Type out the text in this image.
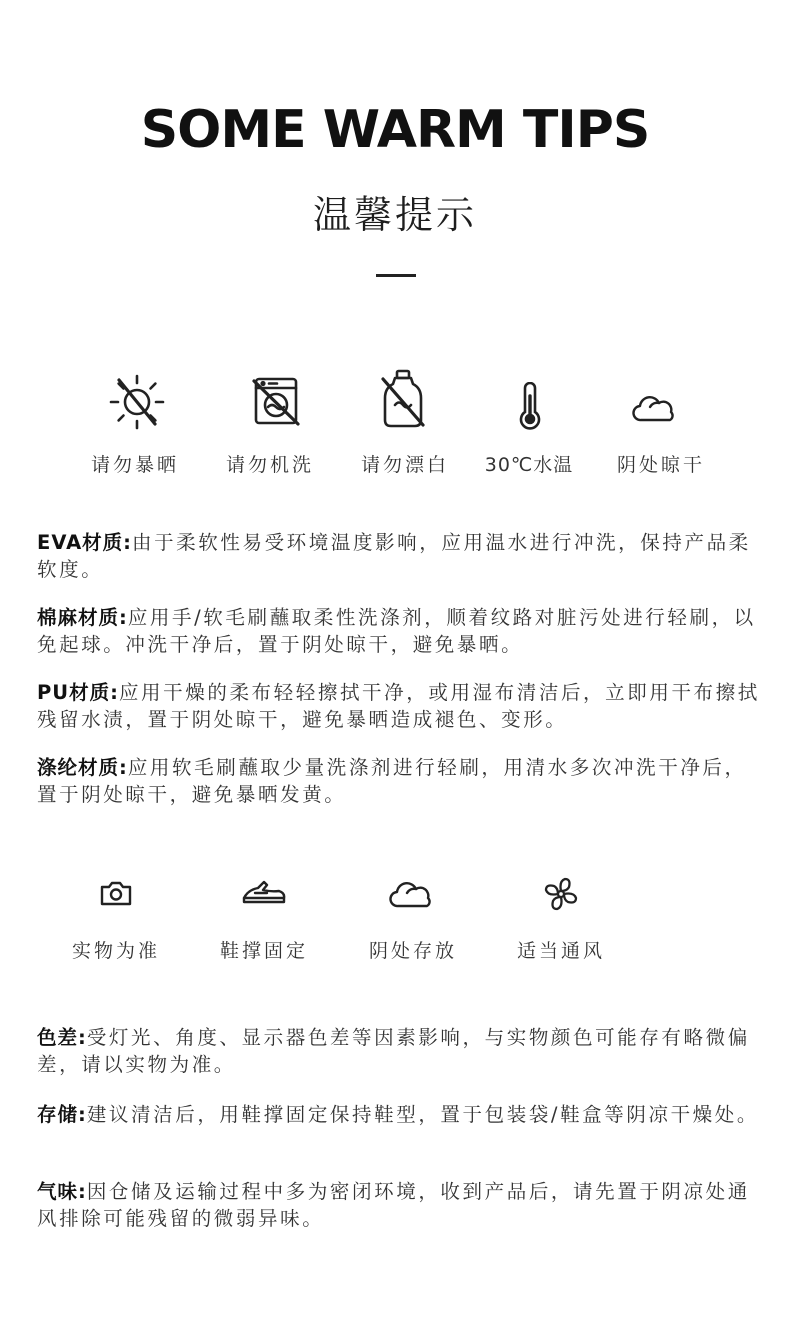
SOME WARM TIPS
温馨提示
请勿暴晒	请勿机洗	请勿漂白	30℃水温	阴处晾干
EVA材质:由于柔软性易受环境温度影响，应用温水进行冲洗，保持产品柔软度。
棉麻材质:应用手/软毛刷蘸取柔性洗涤剂，顺着纹路对脏污处进行轻刷，以免起球。冲洗干净后，置于阴处晾干，避免暴晒。
PU材质:应用干燥的柔布轻轻擦拭干净，或用湿布清洁后，立即用干布擦拭残留水渍，置于阴处晾干，避免暴晒造成褪色、变形。
涤纶材质:应用软毛刷蘸取少量洗涤剂进行轻刷，用清水多次冲洗干净后，置于阴处晾干，避免暴晒发黄。
实物为准	鞋撑固定	阴处存放	适当通风
色差:受灯光、角度、显示器色差等因素影响，与实物颜色可能存有略微偏差，请以实物为准。
存储:建议清洁后，用鞋撑固定保持鞋型，置于包装袋/鞋盒等阴凉干燥处。
气味:因仓储及运输过程中多为密闭环境，收到产品后，请先置于阴凉处通风排除可能残留的微弱异味。
